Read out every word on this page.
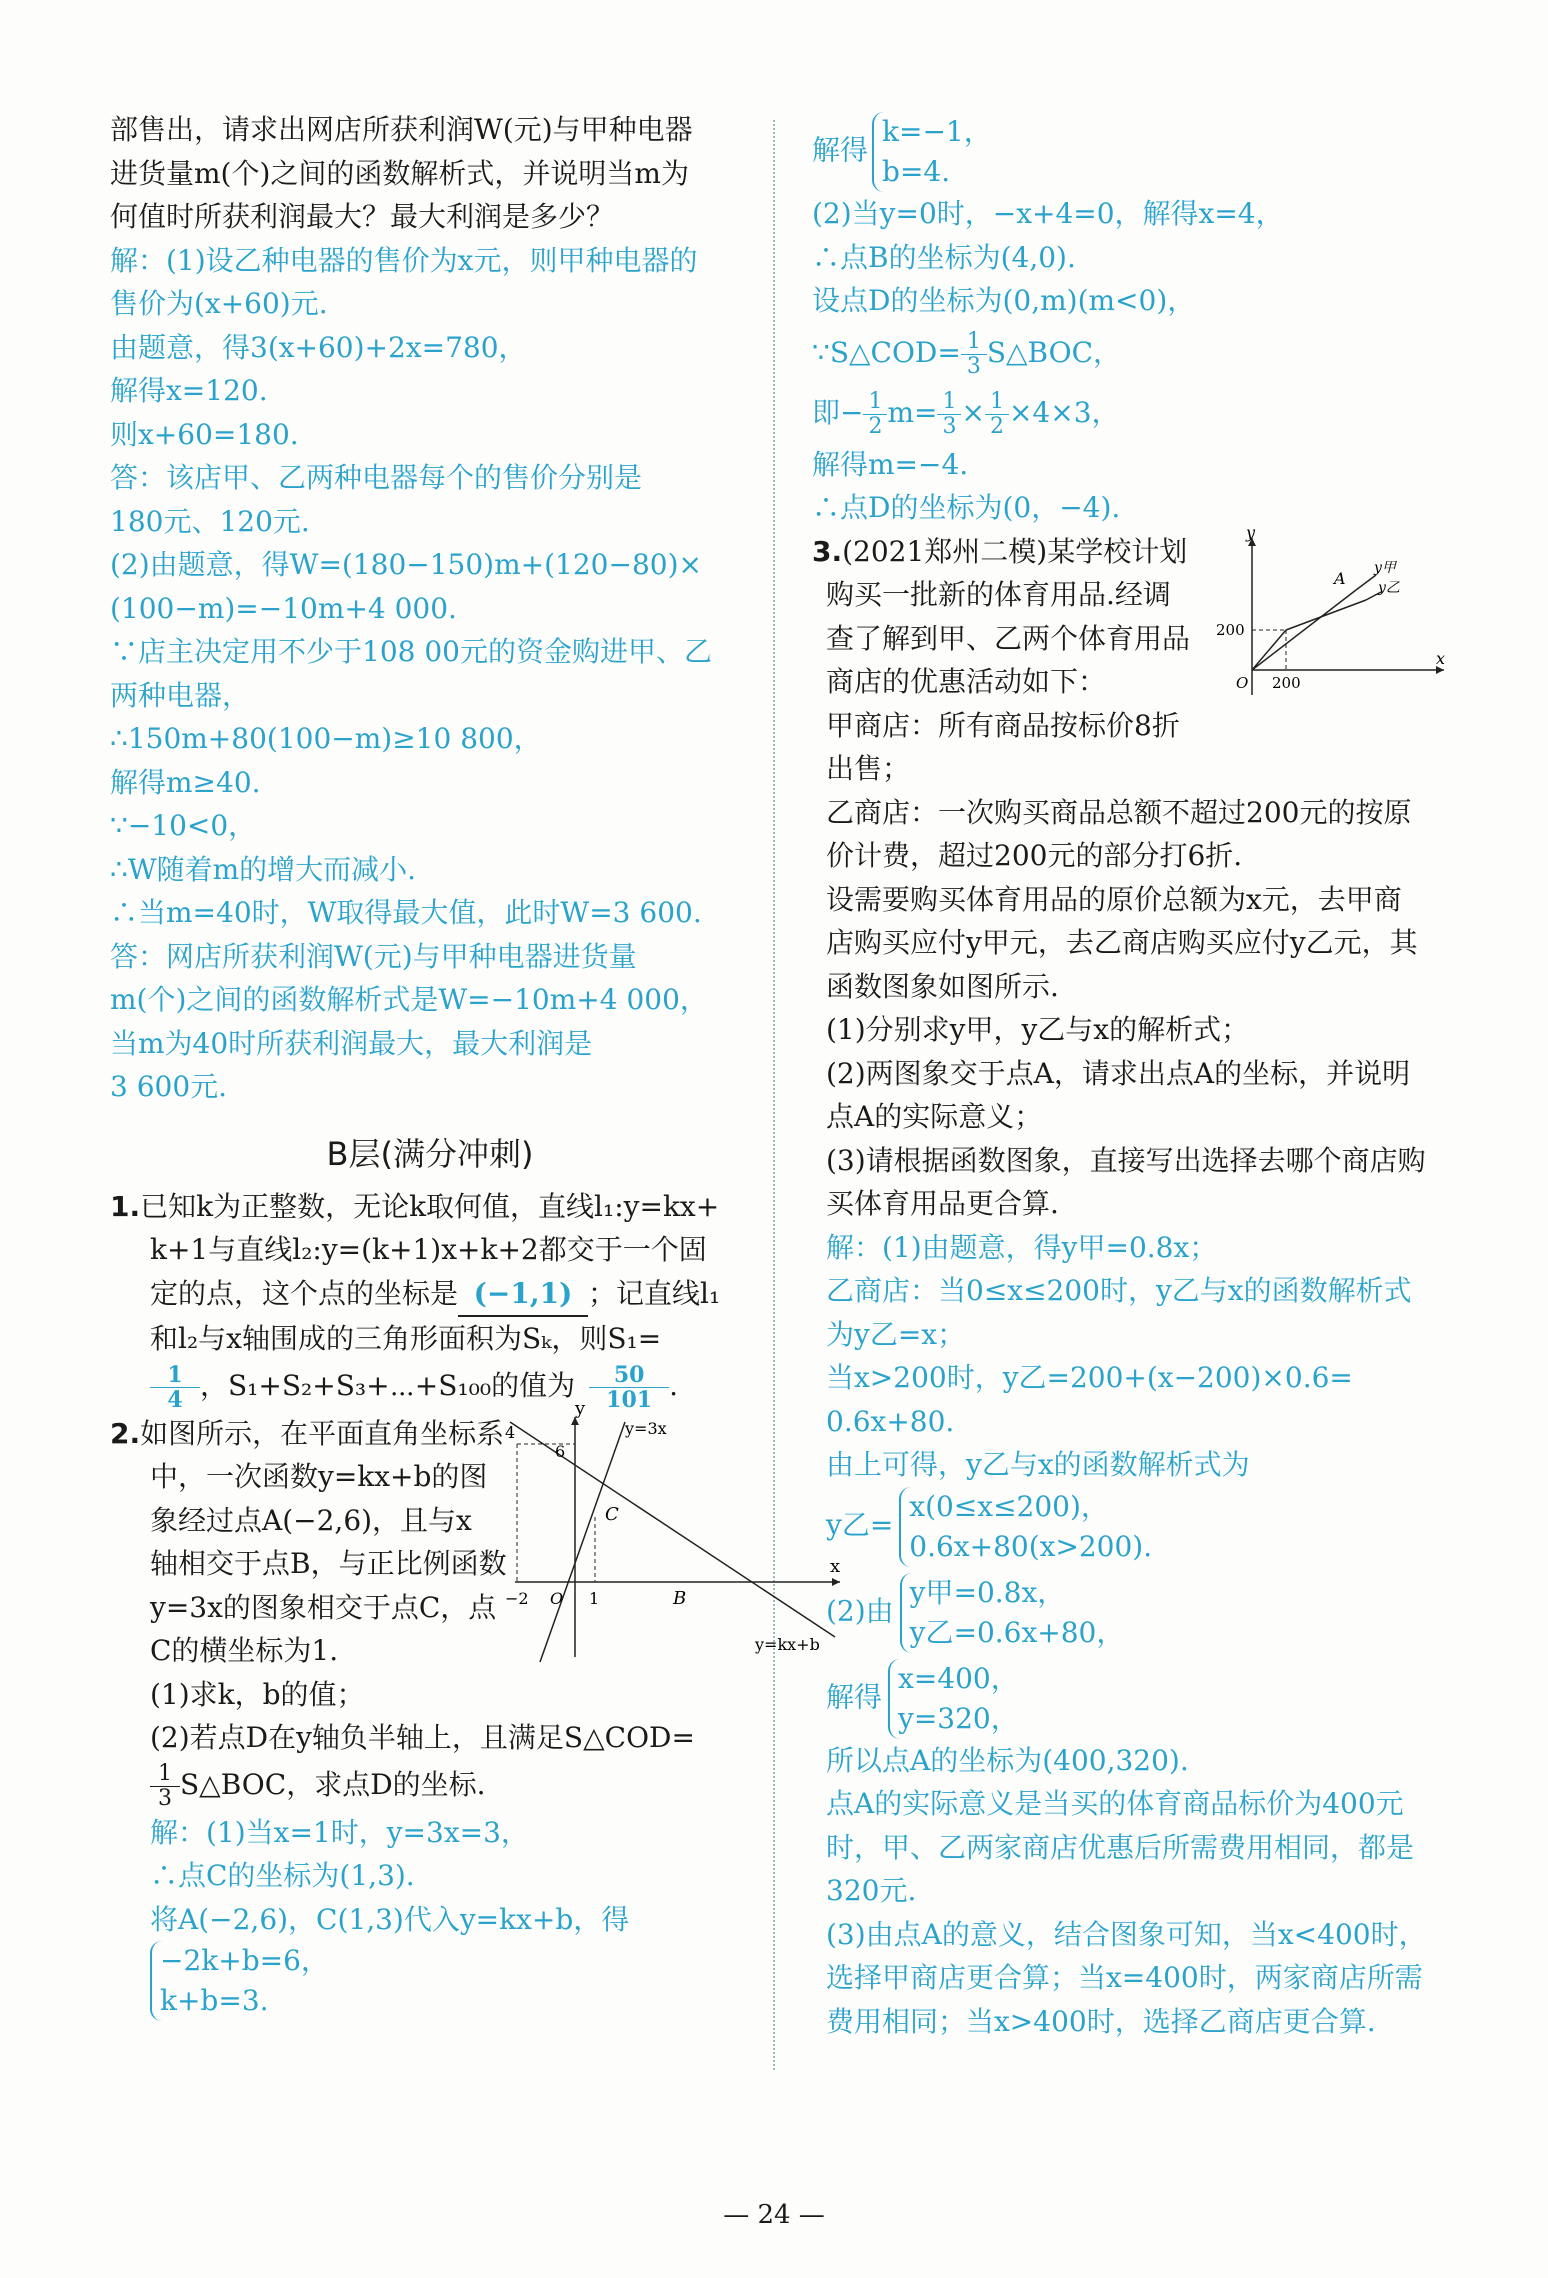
部售出，请求出网店所获利润W(元)与甲种电器
进货量m(个)之间的函数解析式，并说明当m为
何值时所获利润最大？最大利润是多少？
解：(1)设乙种电器的售价为x元，则甲种电器的
售价为(x+60)元.
由题意，得3(x+60)+2x=780，
解得x=120.
则x+60=180.
答：该店甲、乙两种电器每个的售价分别是
180元、120元.
(2)由题意，得W=(180−150)m+(120−80)×
(100−m)=−10m+4 000.
∵店主决定用不少于108 00元的资金购进甲、乙
两种电器，
∴150m+80(100−m)≥10 800，
解得m≥40.
∵−10<0，
∴W随着m的增大而减小.
∴当m=40时，W取得最大值，此时W=3 600.
答：网店所获利润W(元)与甲种电器进货量
m(个)之间的函数解析式是W=−10m+4 000，
当m为40时所获利润最大，最大利润是
3 600元.
B层(满分冲刺)
1.已知k为正整数，无论k取何值，直线l₁:y=kx+
k+1与直线l₂:y=(k+1)x+k+2都交于一个固
定的点，这个点的坐标是 (−1,1) ；记直线l₁
和l₂与x轴围成的三角形面积为Sₖ，则S₁=
$\frac{1}{4}$ ，S₁+S₂+S₃+⋯+S₁₀₀的值为 $\frac{50}{101}$ .
2.如图所示，在平面直角坐标系
中，一次函数y=kx+b的图
象经过点A(−2,6)，且与x
轴相交于点B，与正比例函数
y=3x的图象相交于点C，点
C的横坐标为1.
(1)求k，b的值；
(2)若点D在y轴负半轴上，且满足S△COD=
$\frac{1}{3}$ S△BOC，求点D的坐标.
解：(1)当x=1时，y=3x=3，
∴点C的坐标为(1,3).
将A(−2,6)，C(1,3)代入y=kx+b，得
−2k+b=6，
k+b=3.
y
x
y=3x
y=kx+b
4
6
−2 O 1
C
B
解得k=−1，
b=4.
(2)当y=0时，−x+4=0，解得x=4，
∴点B的坐标为(4,0).
设点D的坐标为(0,m)(m<0)，
∵S△COD= $\frac{1}{3}$ S△BOC，
即− $\frac{1}{2} m= \frac{1}{3} \times \frac{1}{2} \times 4\times 3$，
解得m=−4.
∴点D的坐标为(0，−4).
3.(2021郑州二模)某学校计划
购买一批新的体育用品.经调
查了解到甲、乙两个体育用品
商店的优惠活动如下：
甲商店：所有商品按标价8折
出售；
乙商店：一次购买商品总额不超过200元的按原
价计费，超过200元的部分打6折.
设需要购买体育用品的原价总额为x元，去甲商
店购买应付y甲元，去乙商店购买应付y乙元，其
函数图象如图所示.
(1)分别求y甲，y乙与x的解析式；
(2)两图象交于点A，请求出点A的坐标，并说明
点A的实际意义；
(3)请根据函数图象，直接写出选择去哪个商店购
买体育用品更合算.
解：(1)由题意，得y甲=0.8x；
乙商店：当0≤x≤200时，y乙与x的函数解析式
为y乙=x；
当x>200时，y乙=200+(x−200)×0.6=
0.6x+80.
由上可得，y乙与x的函数解析式为
y乙=x(0≤x≤200)，
0.6x+80(x>200).
(2)由y甲=0.8x，
y乙=0.6x+80，
解得x=400，
y=320，
所以点A的坐标为(400,320).
点A的实际意义是当买的体育商品标价为400元
时，甲、乙两家商店优惠后所需费用相同，都是
320元.
(3)由点A的意义，结合图象可知，当x<400时，
选择甲商店更合算；当x=400时，两家商店所需
费用相同；当x>400时，选择乙商店更合算.
y
x
y甲
y乙
A
200
200
O
— 24 —
